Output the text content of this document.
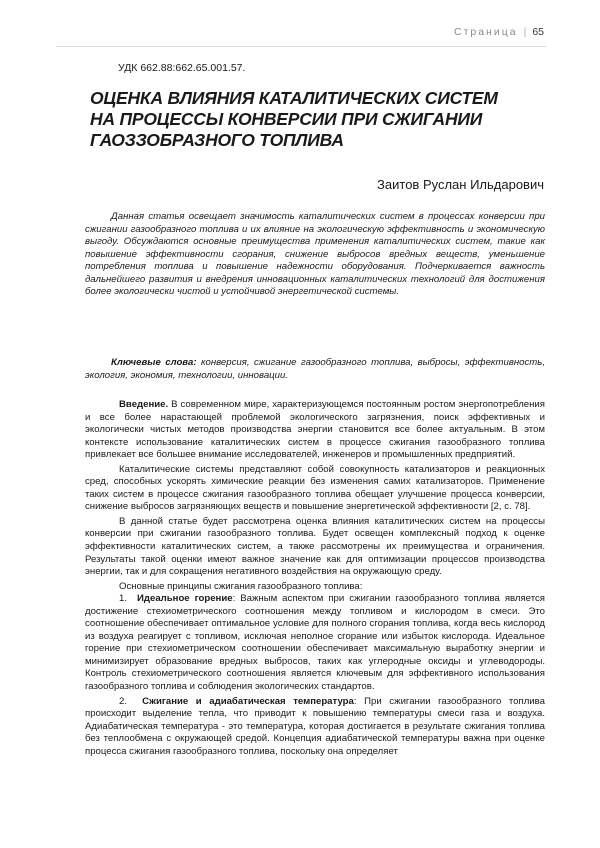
Страница | 65
УДК 662.88:662.65.001.57.
ОЦЕНКА ВЛИЯНИЯ КАТАЛИТИЧЕСКИХ СИСТЕМ
НА ПРОЦЕССЫ КОНВЕРСИИ ПРИ СЖИГАНИИ
ГАОЗЗОБРАЗНОГО ТОПЛИВА
Заитов Руслан Ильдарович
Данная статья освещает значимость каталитических систем в процессах конверсии при сжигании газообразного топлива и их влияние на экологическую эффективность и экономическую выгоду. Обсуждаются основные преимущества применения каталитических систем, такие как повышение эффективности сгорания, снижение выбросов вредных веществ, уменьшение потребления топлива и повышение надежности оборудования. Подчеркивается важность дальнейшего развития и внедрения инновационных каталитических технологий для достижения более экологически чистой и устойчивой энергетической системы.
Ключевые слова: конверсия, сжигание газообразного топлива, выбросы, эффективность, экология, экономия, технологии, инновации.

Введение. В современном мире, характеризующемся постоянным ростом энергопотребления и все более нарастающей проблемой экологического загрязнения, поиск эффективных и экологически чистых методов производства энергии становится все более актуальным. В этом контексте использование каталитических систем в процессе сжигания газообразного топлива привлекает все большее внимание исследователей, инженеров и промышленных предприятий.

Каталитические системы представляют собой совокупность катализаторов и реакционных сред, способных ускорять химические реакции без изменения самих катализаторов. Применение таких систем в процессе сжигания газообразного топлива обещает улучшение процесса конверсии, снижение выбросов загрязняющих веществ и повышение энергетической эффективности [2, с. 78].

В данной статье будет рассмотрена оценка влияния каталитических систем на процессы конверсии при сжигании газообразного топлива. Будет освещен комплексный подход к оценке эффективности каталитических систем, а также рассмотрены их преимущества и ограничения. Результаты такой оценки имеют важное значение как для оптимизации процессов производства энергии, так и для сокращения негативного воздействия на окружающую среду.

Основные принципы сжигания газообразного топлива:

1. Идеальное горение: Важным аспектом при сжигании газообразного топлива является достижение стехиометрического соотношения между топливом и кислородом в смеси. Это соотношение обеспечивает оптимальное условие для полного сгорания топлива, когда весь кислород из воздуха реагирует с топливом, исключая неполное сгорание или избыток кислорода. Идеальное горение при стехиометрическом соотношении обеспечивает максимальную выработку энергии и минимизирует образование вредных выбросов, таких как углеродные оксиды и углеводороды. Контроль стехиометрического соотношения является ключевым для эффективного использования газообразного топлива и соблюдения экологических стандартов.

2. Сжигание и адиабатическая температура: При сжигании газообразного топлива происходит выделение тепла, что приводит к повышению температуры смеси газа и воздуха. Адиабатическая температура - это температура, которая достигается в результате сжигания топлива без теплообмена с окружающей средой. Концепция адиабатической температуры важна при оценке процесса сжигания газообразного топлива, поскольку она определяет
